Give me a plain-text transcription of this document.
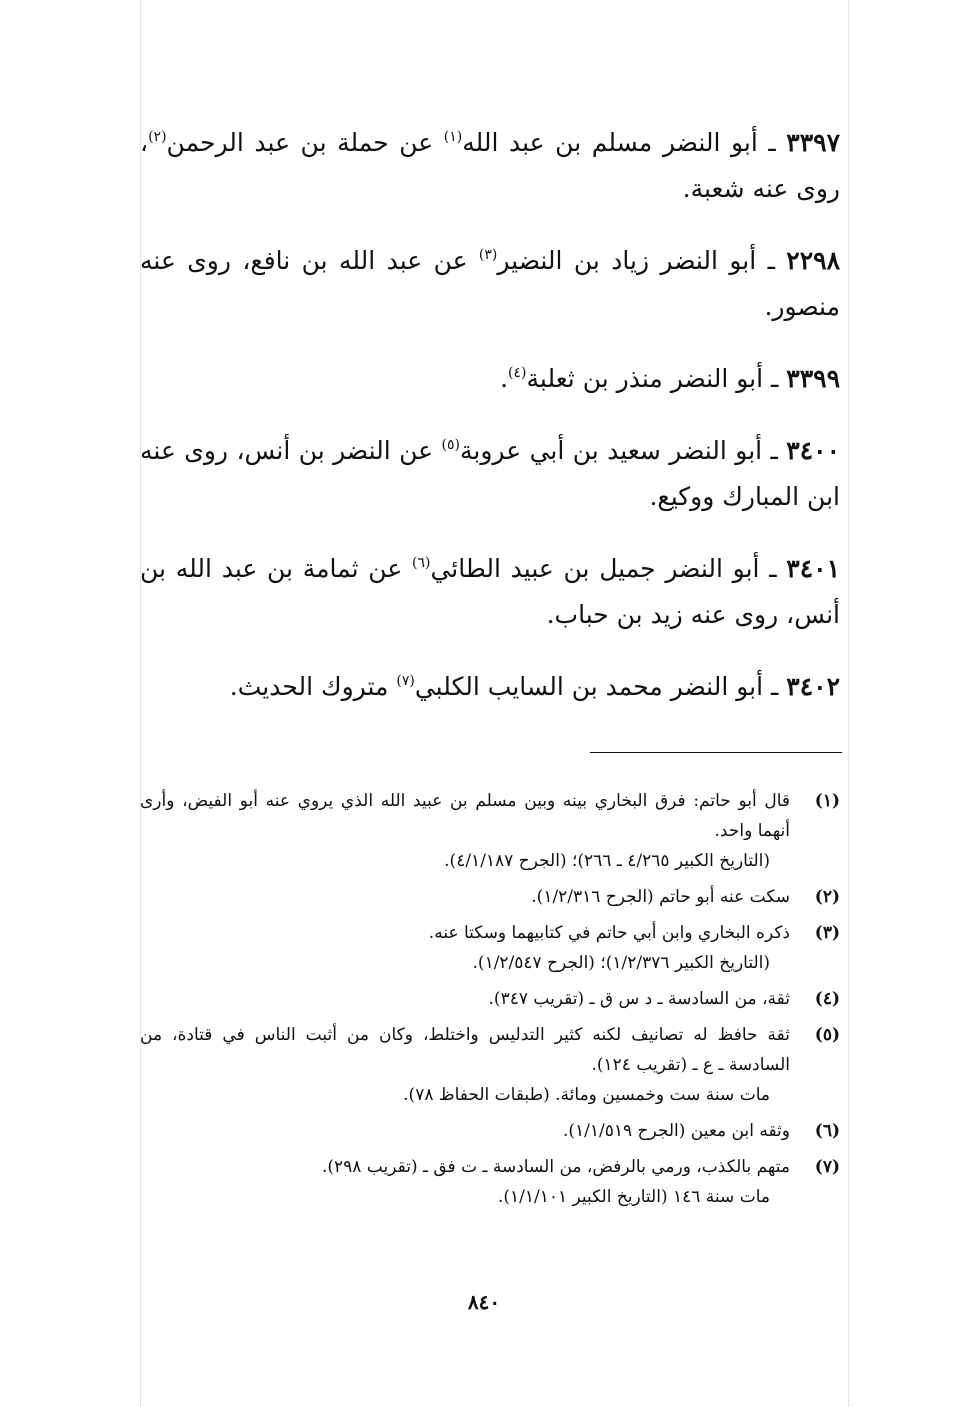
٣٣٩٧ ـ أبو النضر مسلم بن عبد الله$^{(١)}$ عن حملة بن عبد الرحمن$^{(٢)}$، روى عنه شعبة.

٢٢٩٨ ـ أبو النضر زياد بن النضير$^{(٣)}$ عن عبد الله بن نافع، روى عنه منصور.

٣٣٩٩ ـ أبو النضر منذر بن ثعلبة$^{(٤)}$.

٣٤٠٠ ـ أبو النضر سعيد بن أبي عروبة$^{(٥)}$ عن النضر بن أنس، روى عنه ابن المبارك ووكيع.

٣٤٠١ ـ أبو النضر جميل بن عبيد الطائي$^{(٦)}$ عن ثمامة بن عبد الله بن أنس، روى عنه زيد بن حباب.

٣٤٠٢ ـ أبو النضر محمد بن السايب الكلبي$^{(٧)}$ متروك الحديث.

(١)
قال أبو حاتم: فرق البخاري بينه وبين مسلم بن عبيد الله الذي يروي عنه أبو الفيض، وأرى أنهما واحد.
(التاريخ الكبير ٤/٢٦٥ ـ ٢٦٦)؛ (الجرح ٤/١/١٨٧).
(٢)
سكت عنه أبو حاتم (الجرح ١/٢/٣١٦).
(٣)
ذكره البخاري وابن أبي حاتم في كتابيهما وسكتا عنه.
(التاريخ الكبير ١/٢/٣٧٦)؛ (الجرح ١/٢/٥٤٧).
(٤)
ثقة، من السادسة ـ د س ق ـ (تقريب ٣٤٧).
(٥)
ثقة حافظ له تصانيف لكنه كثير التدليس واختلط، وكان من أثبت الناس في قتادة، من السادسة ـ ع ـ (تقريب ١٢٤).
مات سنة ست وخمسين ومائة. (طبقات الحفاظ ٧٨).
(٦)
وثقه ابن معين (الجرح ١/١/٥١٩).
(٧)
متهم بالكذب، ورمي بالرفض، من السادسة ـ ت فق ـ (تقريب ٢٩٨).
مات سنة ١٤٦ (التاريخ الكبير ١/١/١٠١).
٨٤٠
